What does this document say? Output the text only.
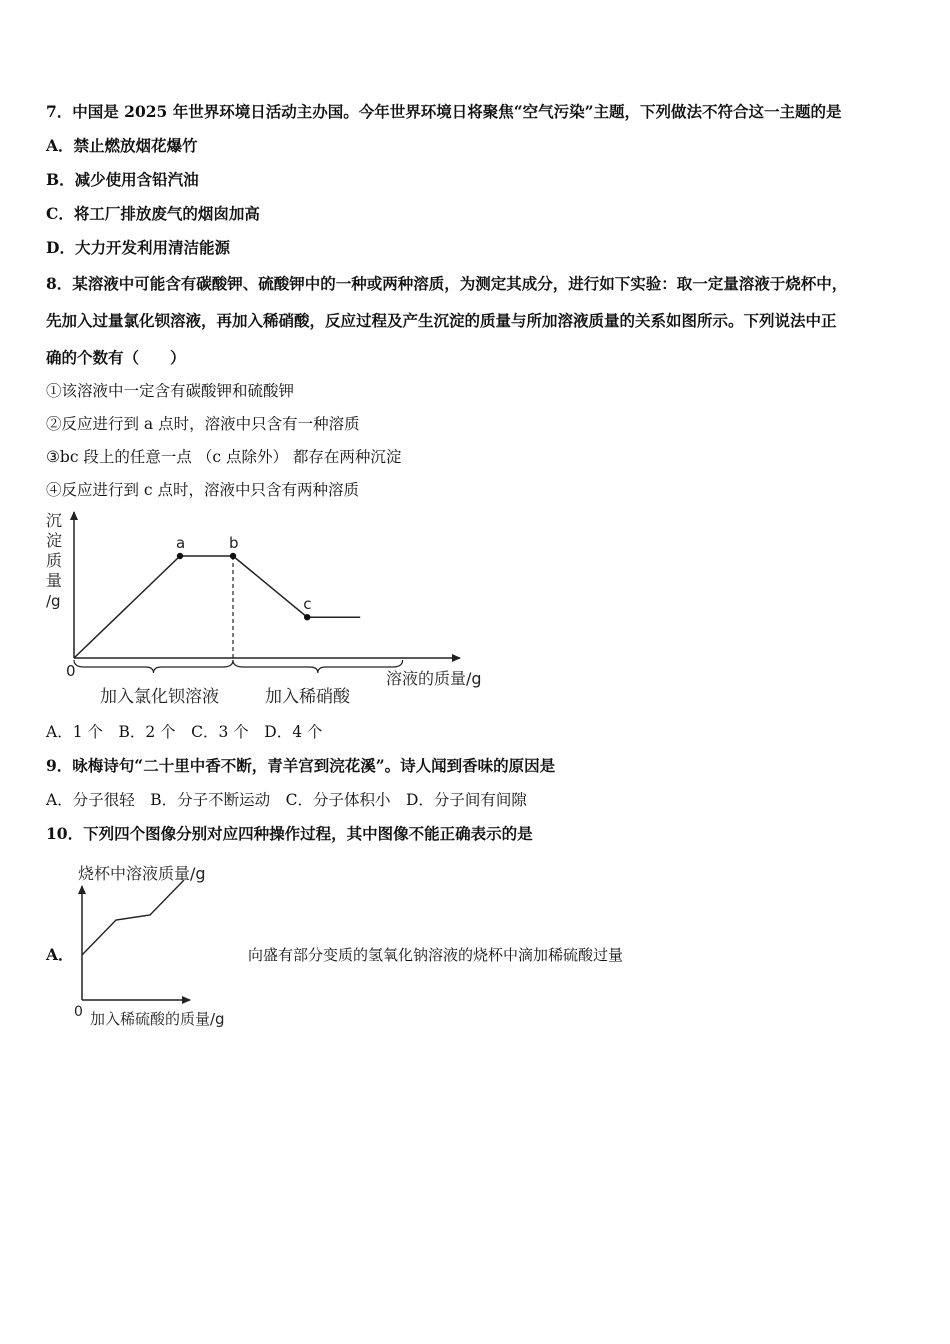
7．中国是 2025 年世界环境日活动主办国。今年世界环境日将聚焦“空气污染”主题，下列做法不符合这一主题的是
A．禁止燃放烟花爆竹
B．减少使用含铅汽油
C．将工厂排放废气的烟囱加高
D．大力开发利用清洁能源
8．某溶液中可能含有碳酸钾、硫酸钾中的一种或两种溶质，为测定其成分，进行如下实验：取一定量溶液于烧杯中，
先加入过量氯化钡溶液，再加入稀硝酸，反应过程及产生沉淀的质量与所加溶液质量的关系如图所示。下列说法中正
确的个数有（　　）
①该溶液中一定含有碳酸钾和硫酸钾
②反应进行到 a 点时，溶液中只含有一种溶质
③bc 段上的任意一点 （c 点除外） 都存在两种沉淀
④反应进行到 c 点时，溶液中只含有两种溶质
a	b
c
沉
淀
质
量
/g
0	溶液的质量/g
加入氯化钡溶液	加入稀硝酸
A．1 个　B．2 个　C．3 个　D．4 个
9．咏梅诗句“二十里中香不断，青羊宫到浣花溪”。诗人闻到香味的原因是
A．分子很轻　B．分子不断运动　C．分子体积小　D．分子间有间隙
10．下列四个图像分别对应四种操作过程，其中图像不能正确表示的是
A．
烧杯中溶液质量/g
0 加入稀硫酸的质量/g
向盛有部分变质的氢氧化钠溶液的烧杯中滴加稀硫酸过量
